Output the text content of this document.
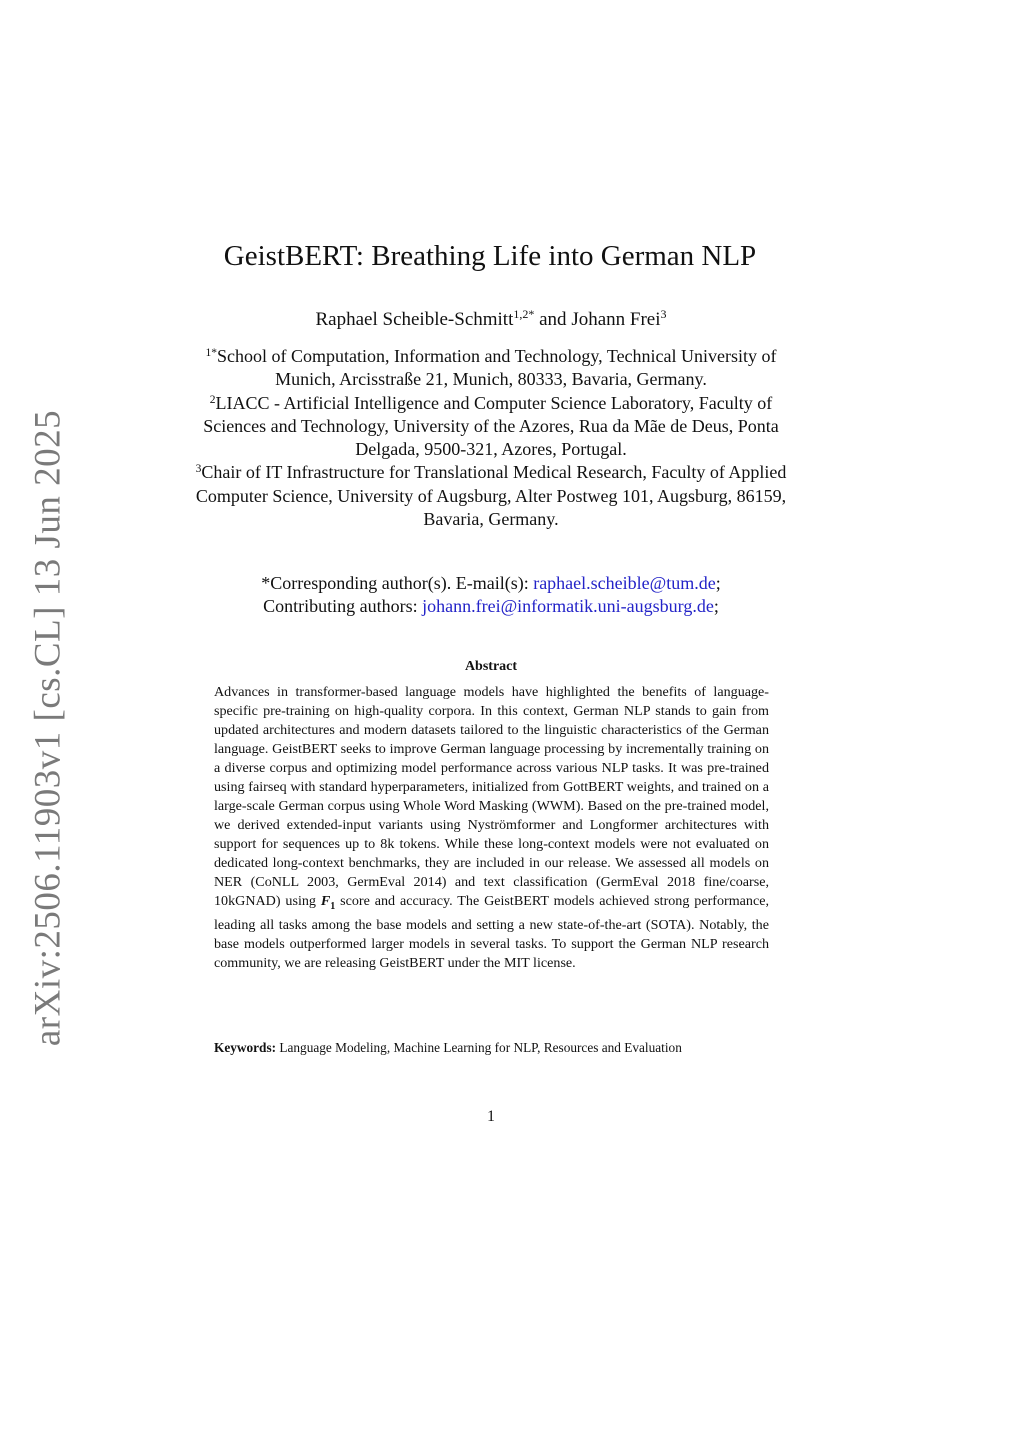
arXiv:2506.11903v1 [cs.CL] 13 Jun 2025
GeistBERT: Breathing Life into German NLP
Raphael Scheible-Schmitt$^{1,2*}$ and Johann Frei$^3$
$^{1*}$School of Computation, Information and Technology, Technical University of Munich, Arcisstraße 21, Munich, 80333, Bavaria, Germany.
$^2$LIACC - Artificial Intelligence and Computer Science Laboratory, Faculty of Sciences and Technology, University of the Azores, Rua da Mãe de Deus, Ponta Delgada, 9500-321, Azores, Portugal.
$^3$Chair of IT Infrastructure for Translational Medical Research, Faculty of Applied Computer Science, University of Augsburg, Alter Postweg 101, Augsburg, 86159, Bavaria, Germany.
*Corresponding author(s). E-mail(s): raphael.scheible@tum.de;
Contributing authors: johann.frei@informatik.uni-augsburg.de;
Abstract
Advances in transformer-based language models have highlighted the benefits of language-specific pre-training on high-quality corpora. In this context, German NLP stands to gain from updated architectures and modern datasets tailored to the linguistic characteristics of the German language. GeistBERT seeks to improve German language processing by incrementally training on a diverse corpus and optimizing model performance across various NLP tasks. It was pre-trained using fairseq with standard hyperparameters, initialized from GottBERT weights, and trained on a large-scale German corpus using Whole Word Masking (WWM). Based on the pre-trained model, we derived extended-input variants using Nyströmformer and Longformer architectures with support for sequences up to 8k tokens. While these long-context models were not evaluated on dedicated long-context benchmarks, they are included in our release. We assessed all models on NER (CoNLL 2003, GermEval 2014) and text classification (GermEval 2018 fine/coarse, 10kGNAD) using $F_1$ score and accuracy. The GeistBERT models achieved strong performance, leading all tasks among the base models and setting a new state-of-the-art (SOTA). Notably, the base models outperformed larger models in several tasks. To support the German NLP research community, we are releasing GeistBERT under the MIT license.
Keywords: Language Modeling, Machine Learning for NLP, Resources and Evaluation
1
